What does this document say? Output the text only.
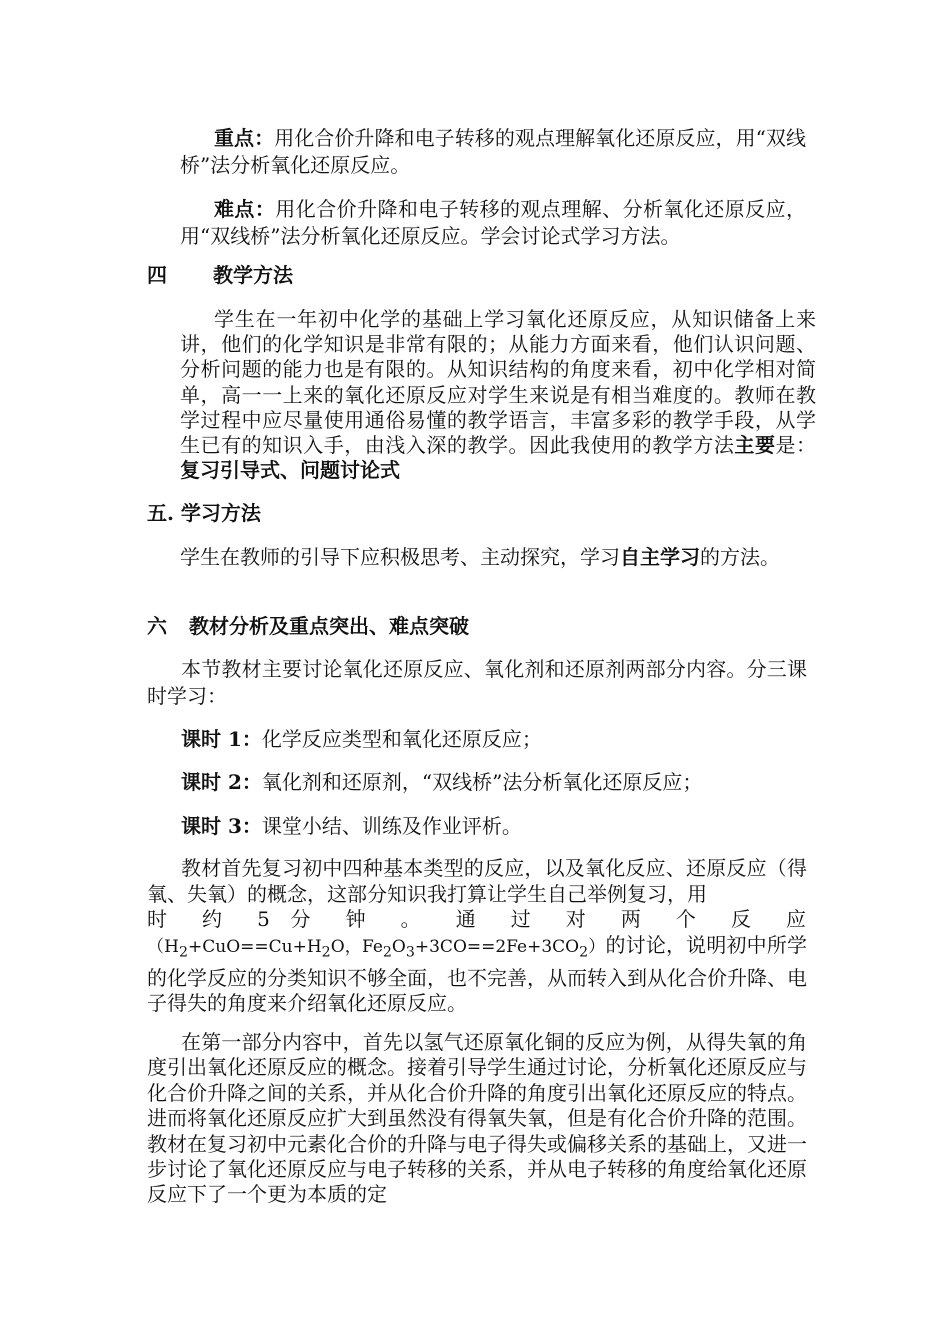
重点：用化合价升降和电子转移的观点理解氧化还原反应，用“双线桥”法分析氧化还原反应。

难点：用化合价升降和电子转移的观点理解、分析氧化还原反应，用“双线桥”法分析氧化还原反应。学会讨论式学习方法。

四 教学方法

学生在一年初中化学的基础上学习氧化还原反应，从知识储备上来讲，他们的化学知识是非常有限的；从能力方面来看，他们认识问题、分析问题的能力也是有限的。从知识结构的角度来看，初中化学相对简单，高一一上来的氧化还原反应对学生来说是有相当难度的。教师在教学过程中应尽量使用通俗易懂的教学语言，丰富多彩的教学手段，从学生已有的知识入手，由浅入深的教学。因此我使用的教学方法主要是：复习引导式、问题讨论式

五. 学习方法

学生在教师的引导下应积极思考、主动探究，学习自主学习的方法。

六 教材分析及重点突出、难点突破

本节教材主要讨论氧化还原反应、氧化剂和还原剂两部分内容。分三课时学习：

课时 1：化学反应类型和氧化还原反应；

课时 2：氧化剂和还原剂，“双线桥”法分析氧化还原反应；

课时 3：课堂小结、训练及作业评析。

教材首先复习初中四种基本类型的反应，以及氧化反应、还原反应（得氧、失氧）的概念，这部分知识我打算让学生自己举例复习，用

时 约 5 分 钟 。 通 过 对 两 个 反 应

（$H_2+CuO==Cu+H_2O$，$Fe_2O_3+3CO==2Fe+3CO_2$）的讨论，说明初中所学的化学反应的分类知识不够全面，也不完善，从而转入到从化合价升降、电子得失的角度来介绍氧化还原反应。

在第一部分内容中，首先以氢气还原氧化铜的反应为例，从得失氧的角度引出氧化还原反应的概念。接着引导学生通过讨论，分析氧化还原反应与化合价升降之间的关系，并从化合价升降的角度引出氧化还原反应的特点。进而将氧化还原反应扩大到虽然没有得氧失氧，但是有化合价升降的范围。教材在复习初中元素化合价的升降与电子得失或偏移关系的基础上，又进一步讨论了氧化还原反应与电子转移的关系，并从电子转移的角度给氧化还原反应下了一个更为本质的定
